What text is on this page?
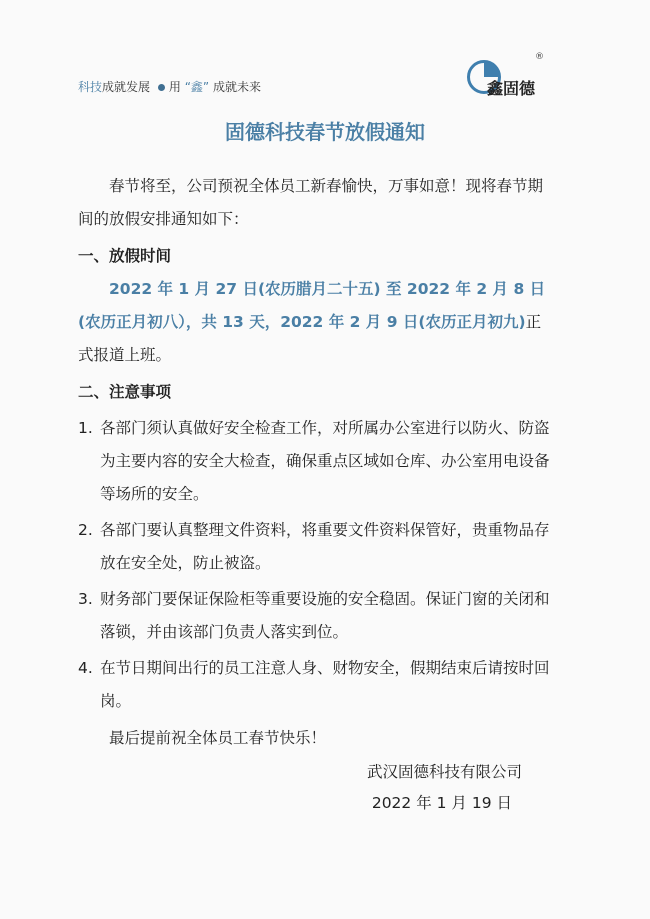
科技成就发展 用 “鑫” 成就未来	鑫固德
®
固德科技春节放假通知

春节将至，公司预祝全体员工新春愉快，万事如意！现将春节期间的放假安排通知如下：

一、放假时间

2022 年 1 月 27 日(农历腊月二十五) 至 2022 年 2 月 8 日 (农历正月初八），共 13 天，2022 年 2 月 9 日(农历正月初九)正式报道上班。

二、注意事项

1. 各部门须认真做好安全检查工作，对所属办公室进行以防火、防盗为主要内容的安全大检查，确保重点区域如仓库、办公室用电设备等场所的安全。

2. 各部门要认真整理文件资料，将重要文件资料保管好，贵重物品存放在安全处，防止被盗。

3. 财务部门要保证保险柜等重要设施的安全稳固。保证门窗的关闭和落锁，并由该部门负责人落实到位。

4. 在节日期间出行的员工注意人身、财物安全，假期结束后请按时回岗。

最后提前祝全体员工春节快乐！

武汉固德科技有限公司
2022 年 1 月 19 日
